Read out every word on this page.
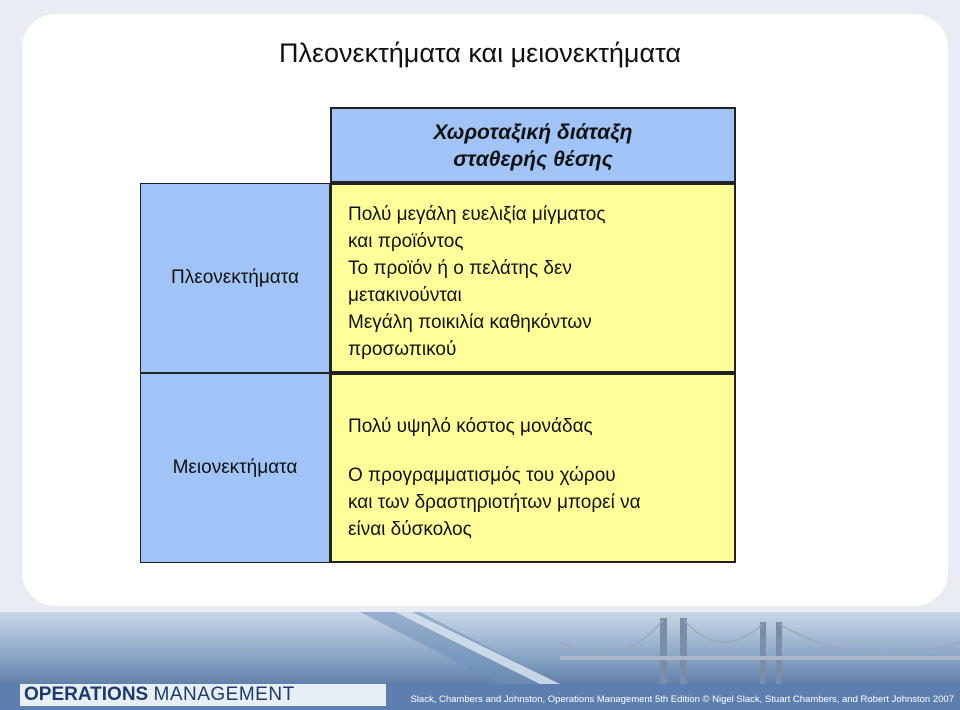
Πλεονεκτήματα και μειονεκτήματα
Χωροταξική διάταξη
σταθερής θέσης
Πλεονεκτήματα

Πολύ μεγάλη ευελιξία μίγματος
και προϊόντος

Το προϊόν ή ο πελάτης δεν
μετακινούνται

Μεγάλη ποικιλία καθηκόντων
προσωπικού

Μειονεκτήματα

Πολύ υψηλό κόστος μονάδας

Ο προγραμματισμός του χώρου
και των δραστηριοτήτων μπορεί να
είναι δύσκολος

OPERATIONS MANAGEMENT	Slack, Chambers and Johnston, Operations Management 5th Edition © Nigel Slack, Stuart Chambers, and Robert Johnston 2007
